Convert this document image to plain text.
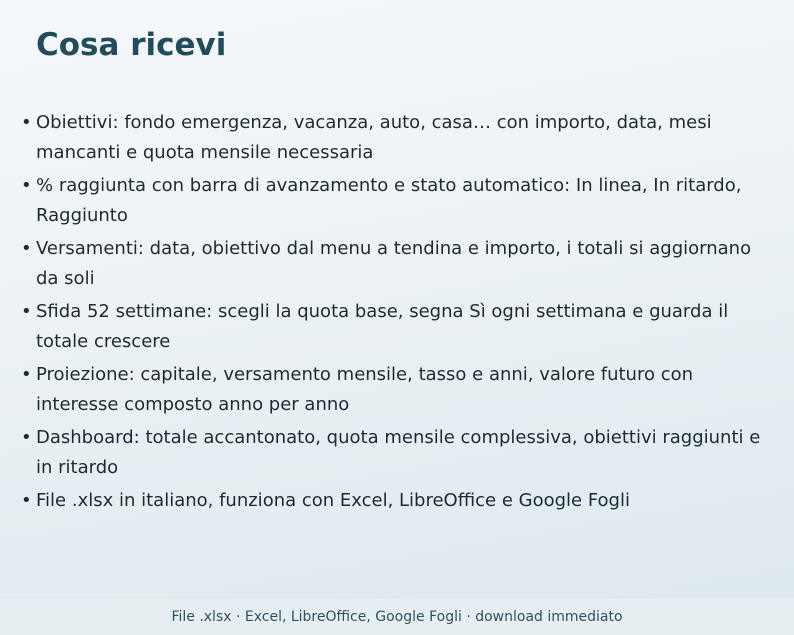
Cosa ricevi
• Obiettivi: fondo emergenza, vacanza, auto, casa… con importo, data, mesi mancanti e quota mensile necessaria
• % raggiunta con barra di avanzamento e stato automatico: In linea, In ritardo, Raggiunto
• Versamenti: data, obiettivo dal menu a tendina e importo, i totali si aggiornano da soli
• Sfida 52 settimane: scegli la quota base, segna Sì ogni settimana e guarda il totale crescere
• Proiezione: capitale, versamento mensile, tasso e anni, valore futuro con interesse composto anno per anno
• Dashboard: totale accantonato, quota mensile complessiva, obiettivi raggiunti e in ritardo
• File .xlsx in italiano, funziona con Excel, LibreOffice e Google Fogli
File .xlsx · Excel, LibreOffice, Google Fogli · download immediato
